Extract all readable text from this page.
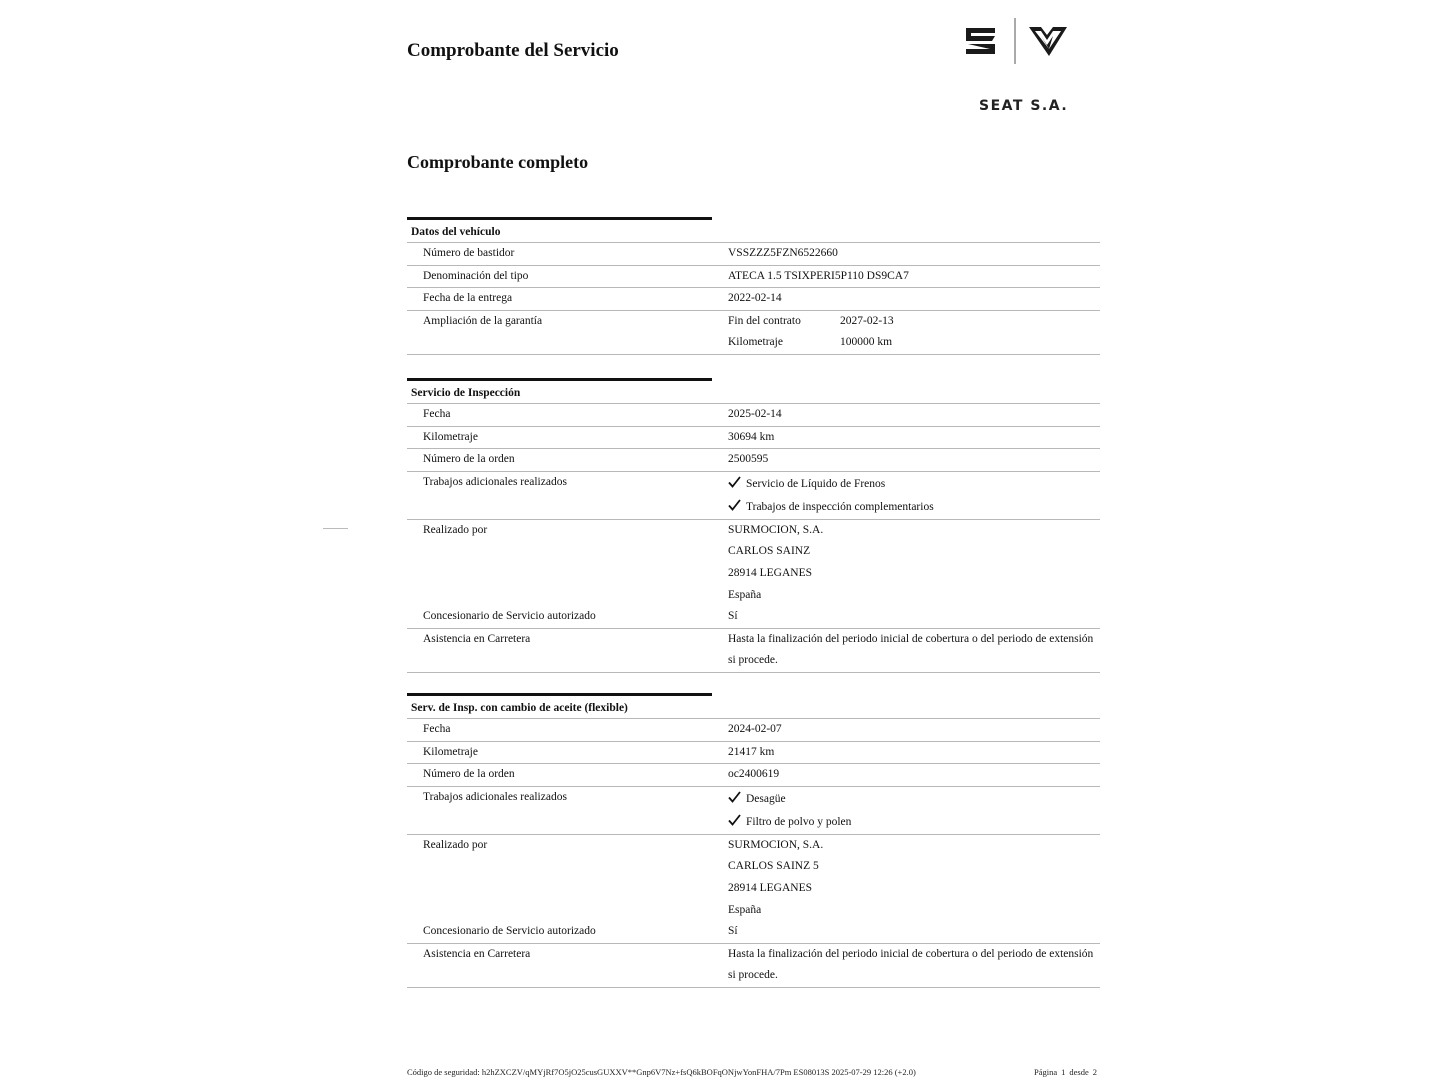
Comprobante del Servicio

SEAT S.A.

Comprobante completo
Datos del vehículo
Número de bastidor	VSSZZZ5FZN6522660
Denominación del tipo	ATECA 1.5 TSIXPERI5P110 DS9CA7
Fecha de la entrega	2022-02-14
Ampliación de la garantía	Fin del contrato	2027-02-13
Kilometraje	100000 km
Servicio de Inspección
Fecha	2025-02-14
Kilometraje	30694 km
Número de la orden	2500595
Trabajos adicionales realizados	Servicio de Líquido de Frenos
Trabajos de inspección complementarios
Realizado por	SURMOCION, S.A.
CARLOS SAINZ
28914 LEGANES
España
Concesionario de Servicio autorizado	Sí
Asistencia en Carretera	Hasta la finalización del periodo inicial de cobertura o del periodo de extensión
si procede.
Serv. de Insp. con cambio de aceite (flexible)
Fecha	2024-02-07
Kilometraje	21417 km
Número de la orden	oc2400619
Trabajos adicionales realizados	Desagüe
Filtro de polvo y polen
Realizado por	SURMOCION, S.A.
CARLOS SAINZ 5
28914 LEGANES
España
Concesionario de Servicio autorizado	Sí
Asistencia en Carretera	Hasta la finalización del periodo inicial de cobertura o del periodo de extensión
si procede.
Código de seguridad: h2hZXCZV/qMYjRf7O5jO25cusGUXXV**Gnp6V7Nz+fsQ6kBOFqONjwYonFHA/7Pm ES08013S 2025-07-29 12:26 (+2.0)	Página 1 desde 2
